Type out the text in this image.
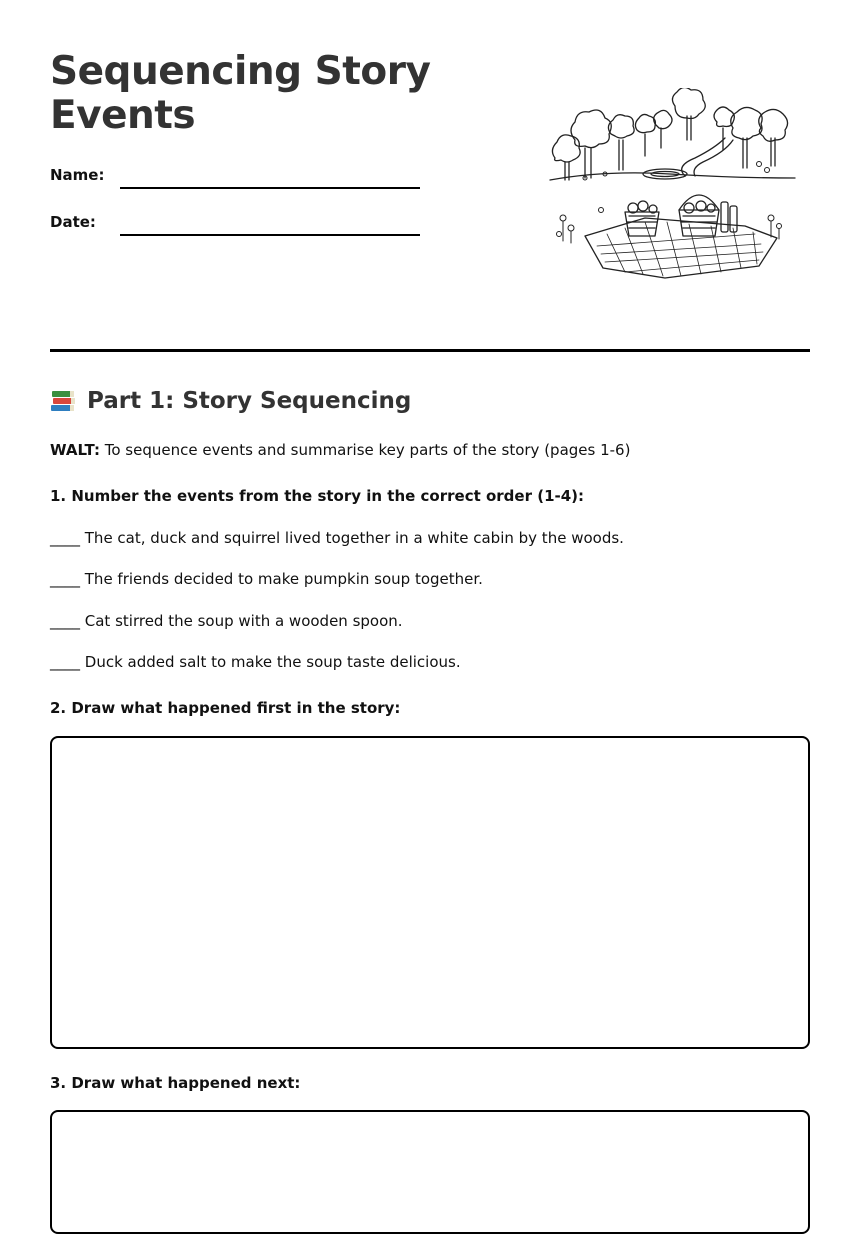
Sequencing Story Events
Name:
Date:
Part 1: Story Sequencing
WALT: To sequence events and summarise key parts of the story (pages 1-6)
1. Number the events from the story in the correct order (1-4):
____ The cat, duck and squirrel lived together in a white cabin by the woods.
____ The friends decided to make pumpkin soup together.
____ Cat stirred the soup with a wooden spoon.
____ Duck added salt to make the soup taste delicious.
2. Draw what happened first in the story:
3. Draw what happened next:
